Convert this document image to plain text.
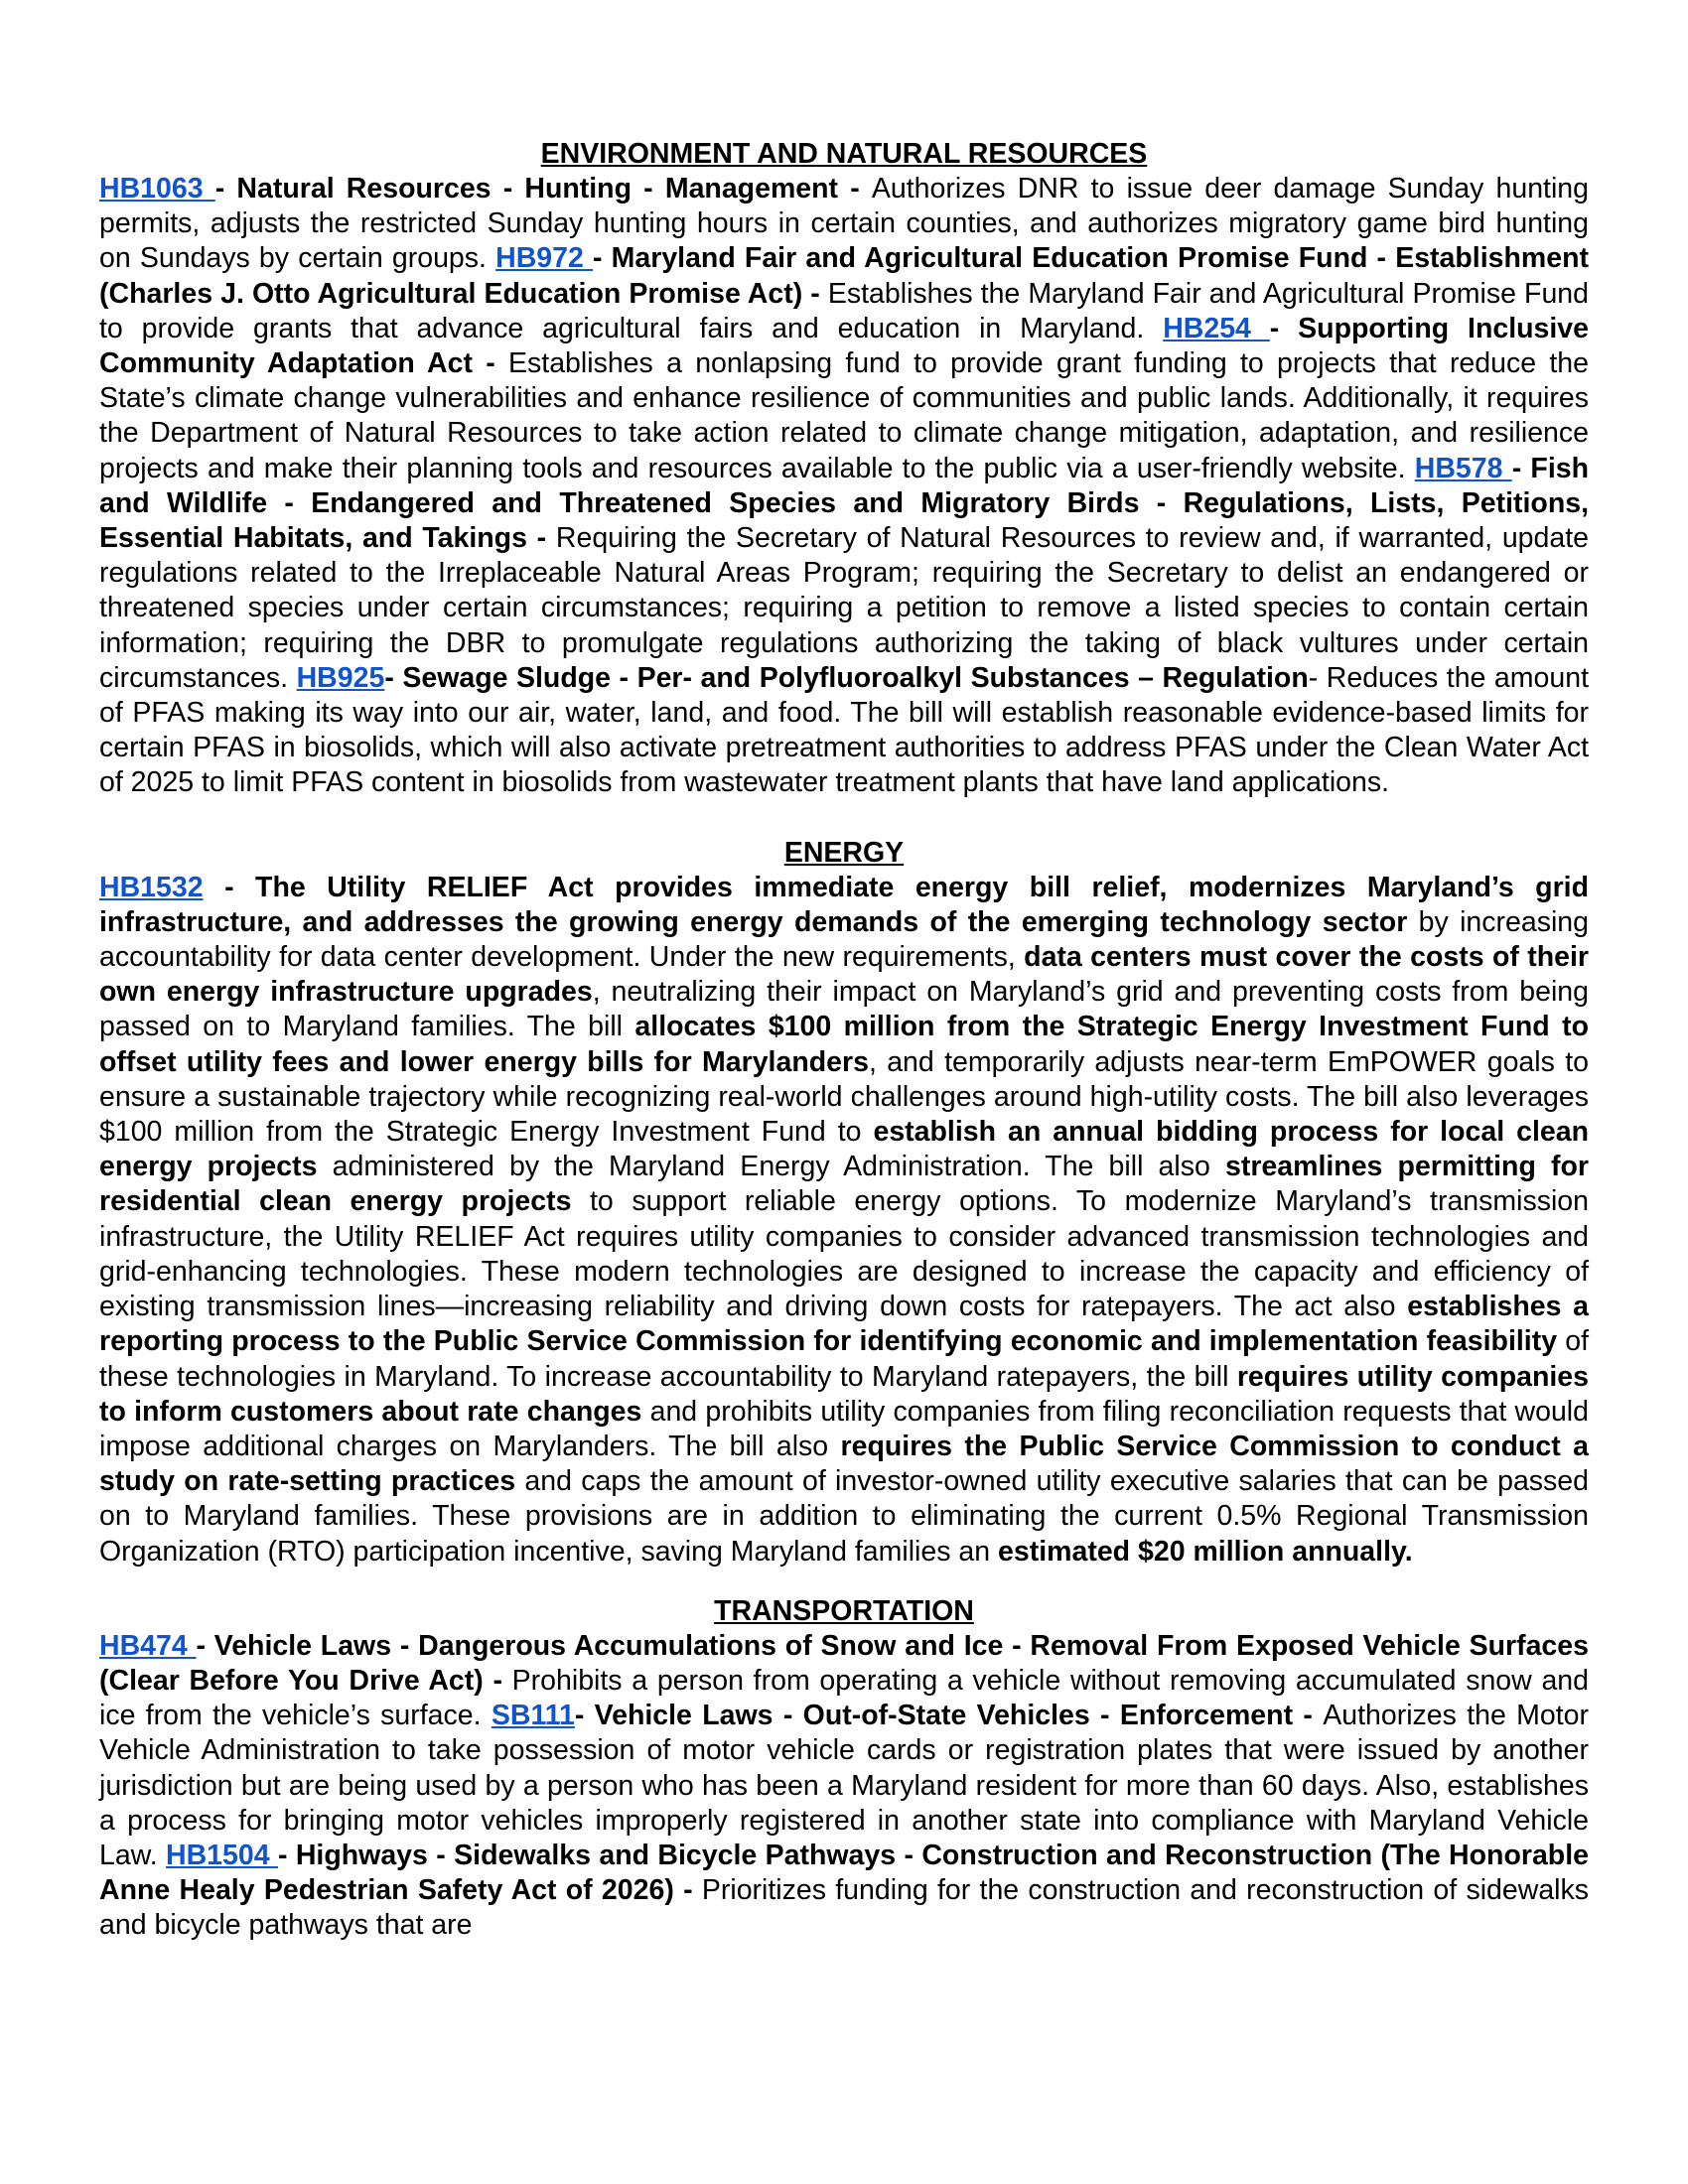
ENVIRONMENT AND NATURAL RESOURCES

HB1063 - Natural Resources - Hunting - Management - Authorizes DNR to issue deer damage Sunday hunting permits, adjusts the restricted Sunday hunting hours in certain counties, and authorizes migratory game bird hunting on Sundays by certain groups. HB972 - Maryland Fair and Agricultural Education Promise Fund - Establishment (Charles J. Otto Agricultural Education Promise Act) - Establishes the Maryland Fair and Agricultural Promise Fund to provide grants that advance agricultural fairs and education in Maryland. HB254 - Supporting Inclusive Community Adaptation Act - Establishes a nonlapsing fund to provide grant funding to projects that reduce the State’s climate change vulnerabilities and enhance resilience of communities and public lands. Additionally, it requires the Department of Natural Resources to take action related to climate change mitigation, adaptation, and resilience projects and make their planning tools and resources available to the public via a user-friendly website. HB578 - Fish and Wildlife - Endangered and Threatened Species and Migratory Birds - Regulations, Lists, Petitions, Essential Habitats, and Takings - Requiring the Secretary of Natural Resources to review and, if warranted, update regulations related to the Irreplaceable Natural Areas Program; requiring the Secretary to delist an endangered or threatened species under certain circumstances; requiring a petition to remove a listed species to contain certain information; requiring the DBR to promulgate regulations authorizing the taking of black vultures under certain circumstances. HB925- Sewage Sludge - Per- and Polyfluoroalkyl Substances – Regulation- Reduces the amount of PFAS making its way into our air, water, land, and food. The bill will establish reasonable evidence-based limits for certain PFAS in biosolids, which will also activate pretreatment authorities to address PFAS under the Clean Water Act of 2025 to limit PFAS content in biosolids from wastewater treatment plants that have land applications.

ENERGY

HB1532 - The Utility RELIEF Act provides immediate energy bill relief, modernizes Maryland’s grid infrastructure, and addresses the growing energy demands of the emerging technology sector by increasing accountability for data center development. Under the new requirements, data centers must cover the costs of their own energy infrastructure upgrades, neutralizing their impact on Maryland’s grid and preventing costs from being passed on to Maryland families. The bill allocates $100 million from the Strategic Energy Investment Fund to offset utility fees and lower energy bills for Marylanders, and temporarily adjusts near-term EmPOWER goals to ensure a sustainable trajectory while recognizing real-world challenges around high-utility costs. The bill also leverages $100 million from the Strategic Energy Investment Fund to establish an annual bidding process for local clean energy projects administered by the Maryland Energy Administration. The bill also streamlines permitting for residential clean energy projects to support reliable energy options. To modernize Maryland’s transmission infrastructure, the Utility RELIEF Act requires utility companies to consider advanced transmission technologies and grid-enhancing technologies. These modern technologies are designed to increase the capacity and efficiency of existing transmission lines—increasing reliability and driving down costs for ratepayers. The act also establishes a reporting process to the Public Service Commission for identifying economic and implementation feasibility of these technologies in Maryland. To increase accountability to Maryland ratepayers, the bill requires utility companies to inform customers about rate changes and prohibits utility companies from filing reconciliation requests that would impose additional charges on Marylanders. The bill also requires the Public Service Commission to conduct a study on rate-setting practices and caps the amount of investor-owned utility executive salaries that can be passed on to Maryland families. These provisions are in addition to eliminating the current 0.5% Regional Transmission Organization (RTO) participation incentive, saving Maryland families an estimated $20 million annually.

TRANSPORTATION

HB474 - Vehicle Laws - Dangerous Accumulations of Snow and Ice - Removal From Exposed Vehicle Surfaces (Clear Before You Drive Act) - Prohibits a person from operating a vehicle without removing accumulated snow and ice from the vehicle’s surface. SB111- Vehicle Laws - Out-of-State Vehicles - Enforcement - Authorizes the Motor Vehicle Administration to take possession of motor vehicle cards or registration plates that were issued by another jurisdiction but are being used by a person who has been a Maryland resident for more than 60 days. Also, establishes a process for bringing motor vehicles improperly registered in another state into compliance with Maryland Vehicle Law. HB1504 - Highways - Sidewalks and Bicycle Pathways - Construction and Reconstruction (The Honorable Anne Healy Pedestrian Safety Act of 2026) - Prioritizes funding for the construction and reconstruction of sidewalks and bicycle pathways that are
